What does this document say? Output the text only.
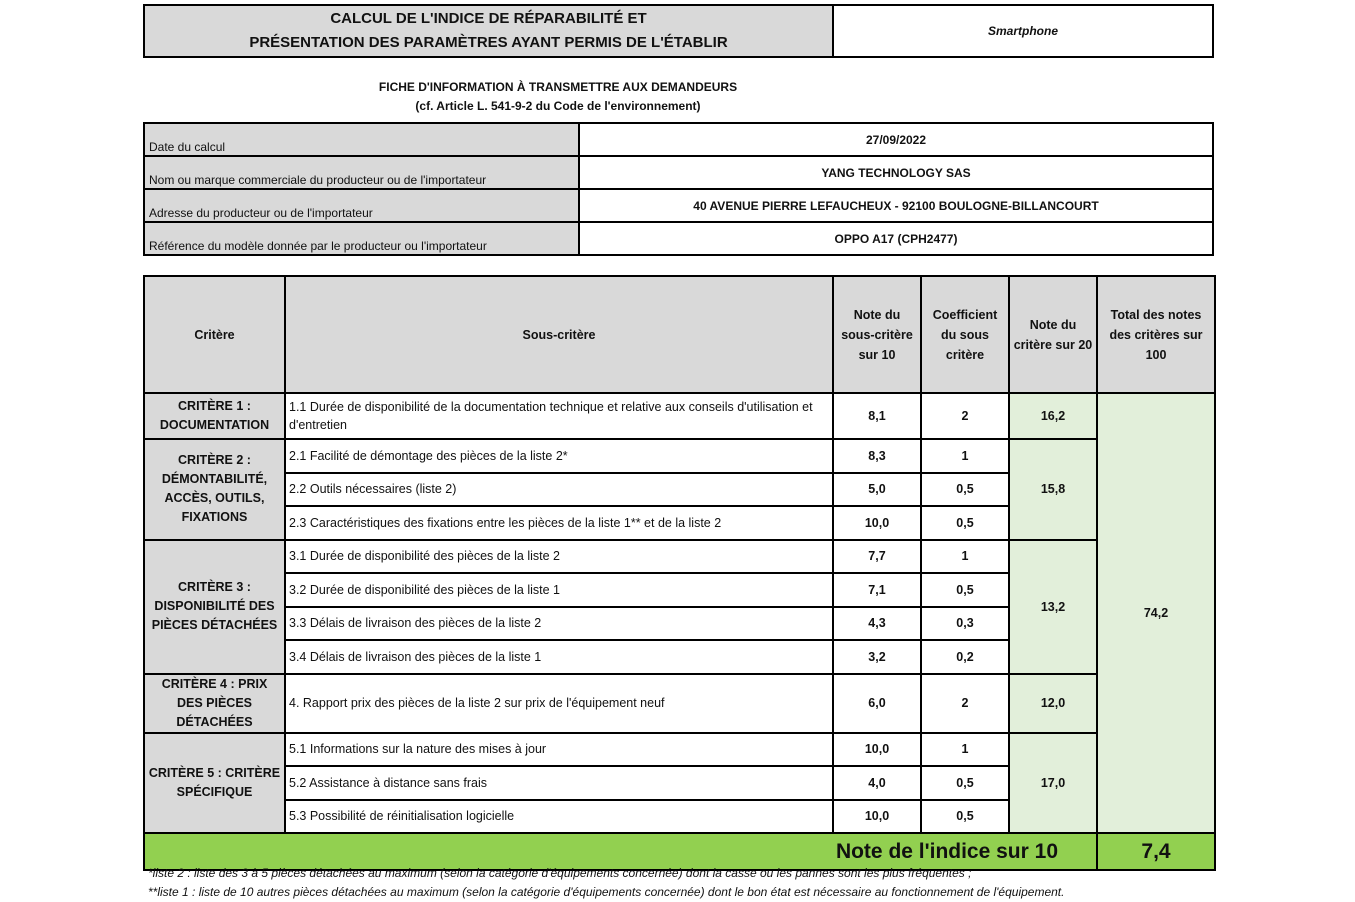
CALCUL DE L'INDICE DE RÉPARABILITÉ ET
PRÉSENTATION DES PARAMÈTRES AYANT PERMIS DE L'ÉTABLIR
Smartphone
FICHE D'INFORMATION À TRANSMETTRE AUX DEMANDEURS
(cf. Article L. 541-9-2 du Code de l'environnement)
Date du calcul	27/09/2022
Nom ou marque commerciale du producteur ou de l'importateur	YANG TECHNOLOGY SAS
Adresse du producteur ou de l'importateur	40 AVENUE PIERRE LEFAUCHEUX - 92100 BOULOGNE-BILLANCOURT
Référence du modèle donnée par le producteur ou l'importateur	OPPO A17 (CPH2477)
Critère	Sous-critère	Note du sous-critère sur 10	Coefficient du sous critère	Note du critère sur 20	Total des notes des critères sur 100
CRITÈRE 1 : DOCUMENTATION	1.1 Durée de disponibilité de la documentation technique et relative aux conseils d'utilisation et d'entretien	8,1	2	16,2	74,2
CRITÈRE 2 : DÉMONTABILITÉ, ACCÈS, OUTILS, FIXATIONS	2.1 Facilité de démontage des pièces de la liste 2*	8,3	1	15,8	
	2.2 Outils nécessaires (liste 2)	5,0	0,5		
	2.3 Caractéristiques des fixations entre les pièces de la liste 1** et de la liste 2	10,0	0,5		
CRITÈRE 3 : DISPONIBILITÉ DES PIÈCES DÉTACHÉES	3.1 Durée de disponibilité des pièces de la liste 2	7,7	1	13,2	
	3.2 Durée de disponibilité des pièces de la liste 1	7,1	0,5		
	3.3 Délais de livraison des pièces de la liste 2	4,3	0,3		
	3.4 Délais de livraison des pièces de la liste 1	3,2	0,2		
CRITÈRE 4 : PRIX DES PIÈCES DÉTACHÉES	4. Rapport prix des pièces de la liste 2 sur prix de l'équipement neuf	6,0	2	12,0	
CRITÈRE 5 : CRITÈRE SPÉCIFIQUE	5.1 Informations sur la nature des mises à jour	10,0	1	17,0	
	5.2 Assistance à distance sans frais	4,0	0,5		
	5.3 Possibilité de réinitialisation logicielle	10,0	0,5		
Note de l'indice sur 10					7,4
*liste 2 : liste des 3 à 5 pièces détachées au maximum (selon la catégorie d'équipements concernée) dont la casse ou les pannes sont les plus fréquentes ;
**liste 1 : liste de 10 autres pièces détachées au maximum (selon la catégorie d'équipements concernée) dont le bon état est nécessaire au fonctionnement de l'équipement.
